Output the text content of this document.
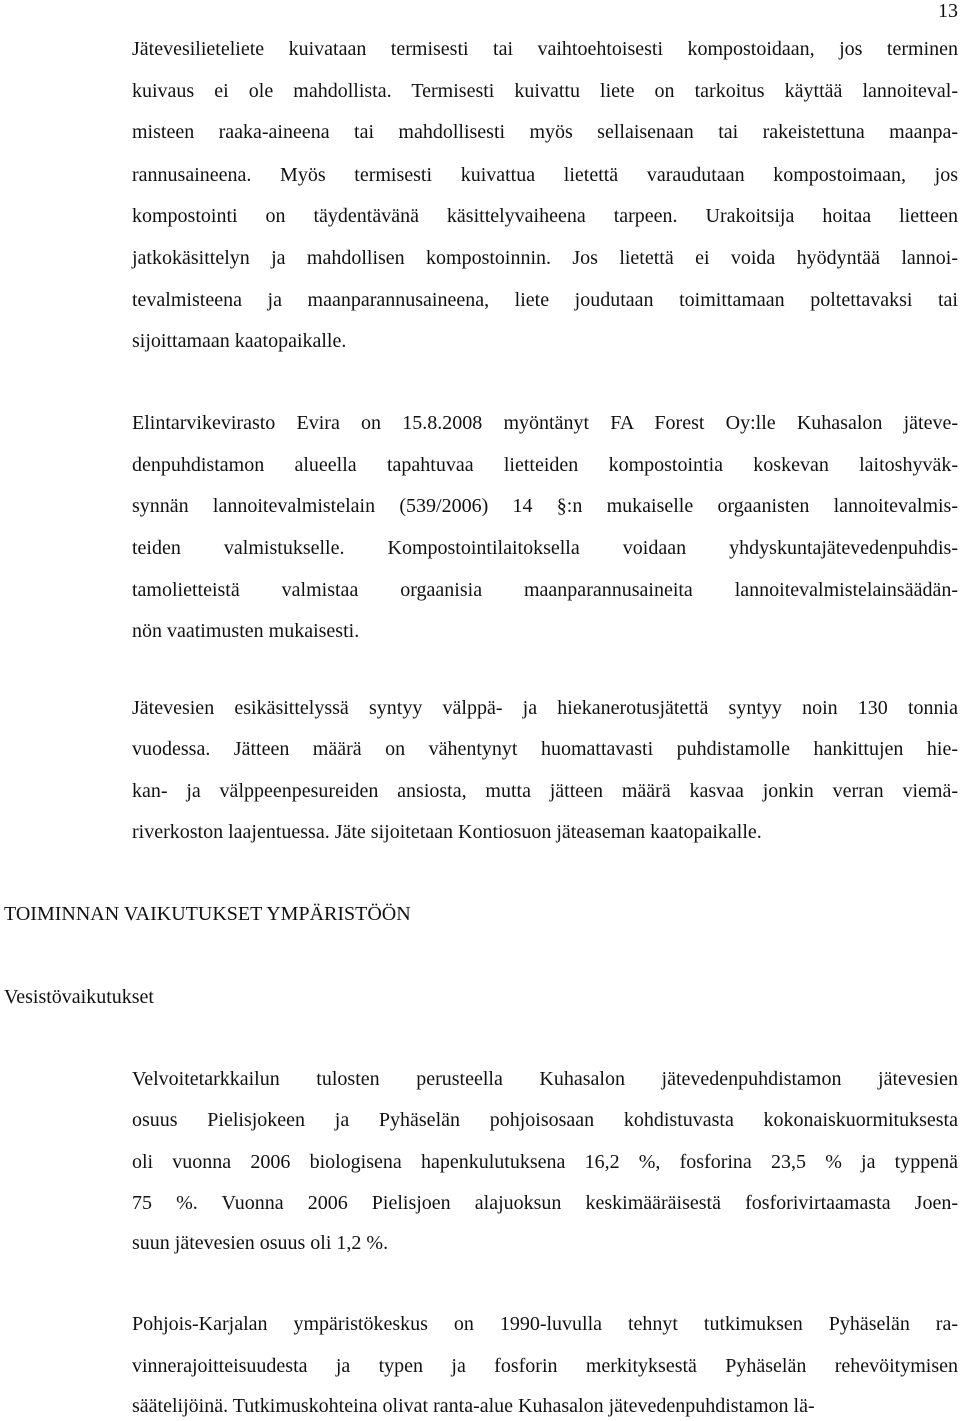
13
Jätevesilieteliete kuivataan termisesti tai vaihtoehtoisesti kompostoidaan, jos terminen
kuivaus ei ole mahdollista. Termisesti kuivattu liete on tarkoitus käyttää lannoiteval-
misteen raaka-aineena tai mahdollisesti myös sellaisenaan tai rakeistettuna maanpa-
rannusaineena. Myös termisesti kuivattua lietettä varaudutaan kompostoimaan, jos
kompostointi on täydentävänä käsittelyvaiheena tarpeen. Urakoitsija hoitaa lietteen
jatkokäsittelyn ja mahdollisen kompostoinnin. Jos lietettä ei voida hyödyntää lannoi-
tevalmisteena ja maanparannusaineena, liete joudutaan toimittamaan poltettavaksi tai
sijoittamaan kaatopaikalle.
Elintarvikevirasto Evira on 15.8.2008 myöntänyt FA Forest Oy:lle Kuhasalon jäteve-
denpuhdistamon alueella tapahtuvaa lietteiden kompostointia koskevan laitoshyväk-
synnän lannoitevalmistelain (539/2006) 14 §:n mukaiselle orgaanisten lannoitevalmis-
teiden valmistukselle. Kompostointilaitoksella voidaan yhdyskuntajätevedenpuhdis-
tamolietteistä valmistaa orgaanisia maanparannusaineita lannoitevalmistelainsäädän-
nön vaatimusten mukaisesti.
Jätevesien esikäsittelyssä syntyy välppä- ja hiekanerotusjätettä syntyy noin 130 tonnia
vuodessa. Jätteen määrä on vähentynyt huomattavasti puhdistamolle hankittujen hie-
kan- ja välppeenpesureiden ansiosta, mutta jätteen määrä kasvaa jonkin verran viemä-
riverkoston laajentuessa. Jäte sijoitetaan Kontiosuon jäteaseman kaatopaikalle.
TOIMINNAN VAIKUTUKSET YMPÄRISTÖÖN
Vesistövaikutukset
Velvoitetarkkailun tulosten perusteella Kuhasalon jätevedenpuhdistamon jätevesien
osuus Pielisjokeen ja Pyhäselän pohjoisosaan kohdistuvasta kokonaiskuormituksesta
oli vuonna 2006 biologisena hapenkulutuksena 16,2 %, fosforina 23,5 % ja typpenä
75 %. Vuonna 2006 Pielisjoen alajuoksun keskimääräisestä fosforivirtaamasta Joen-
suun jätevesien osuus oli 1,2 %.
Pohjois-Karjalan ympäristökeskus on 1990-luvulla tehnyt tutkimuksen Pyhäselän ra-
vinnerajoitteisuudesta ja typen ja fosforin merkityksestä Pyhäselän rehevöitymisen
säätelijöinä. Tutkimuskohteina olivat ranta-alue Kuhasalon jätevedenpuhdistamon lä-
